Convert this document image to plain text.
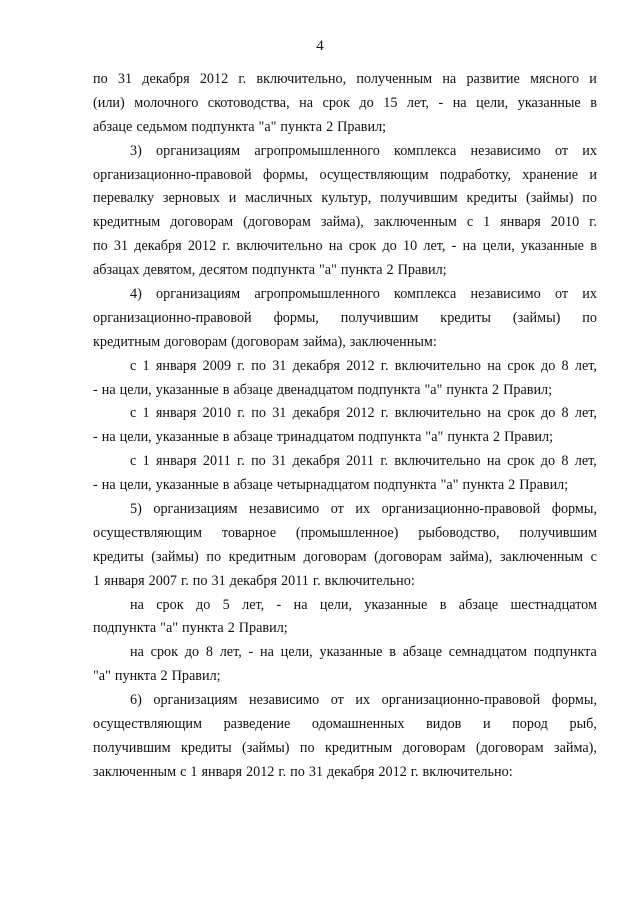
4
по 31 декабря 2012 г. включительно, полученным на развитие мясного и
(или) молочного скотоводства, на срок до 15 лет, - на цели, указанные в
абзаце седьмом подпункта "а" пункта 2 Правил;
3) организациям агропромышленного комплекса независимо от их
организационно-правовой формы, осуществляющим подработку, хранение и
перевалку зерновых и масличных культур, получившим кредиты (займы) по
кредитным договорам (договорам займа), заключенным с 1 января 2010 г.
по 31 декабря 2012 г. включительно на срок до 10 лет, - на цели, указанные в
абзацах девятом, десятом подпункта "а" пункта 2 Правил;
4) организациям агропромышленного комплекса независимо от их
организационно-правовой формы, получившим кредиты (займы) по
кредитным договорам (договорам займа), заключенным:
с 1 января 2009 г. по 31 декабря 2012 г. включительно на срок до 8 лет,
- на цели, указанные в абзаце двенадцатом подпункта "а" пункта 2 Правил;
с 1 января 2010 г. по 31 декабря 2012 г. включительно на срок до 8 лет,
- на цели, указанные в абзаце тринадцатом подпункта "а" пункта 2 Правил;
с 1 января 2011 г. по 31 декабря 2011 г. включительно на срок до 8 лет,
- на цели, указанные в абзаце четырнадцатом подпункта "а" пункта 2 Правил;
5) организациям независимо от их организационно-правовой формы,
осуществляющим товарное (промышленное) рыбоводство, получившим
кредиты (займы) по кредитным договорам (договорам займа), заключенным с
1 января 2007 г. по 31 декабря 2011 г. включительно:
на срок до 5 лет, - на цели, указанные в абзаце шестнадцатом
подпункта "а" пункта 2 Правил;
на срок до 8 лет, - на цели, указанные в абзаце семнадцатом подпункта
"а" пункта 2 Правил;
6) организациям независимо от их организационно-правовой формы,
осуществляющим разведение одомашненных видов и пород рыб,
получившим кредиты (займы) по кредитным договорам (договорам займа),
заключенным с 1 января 2012 г. по 31 декабря 2012 г. включительно:
